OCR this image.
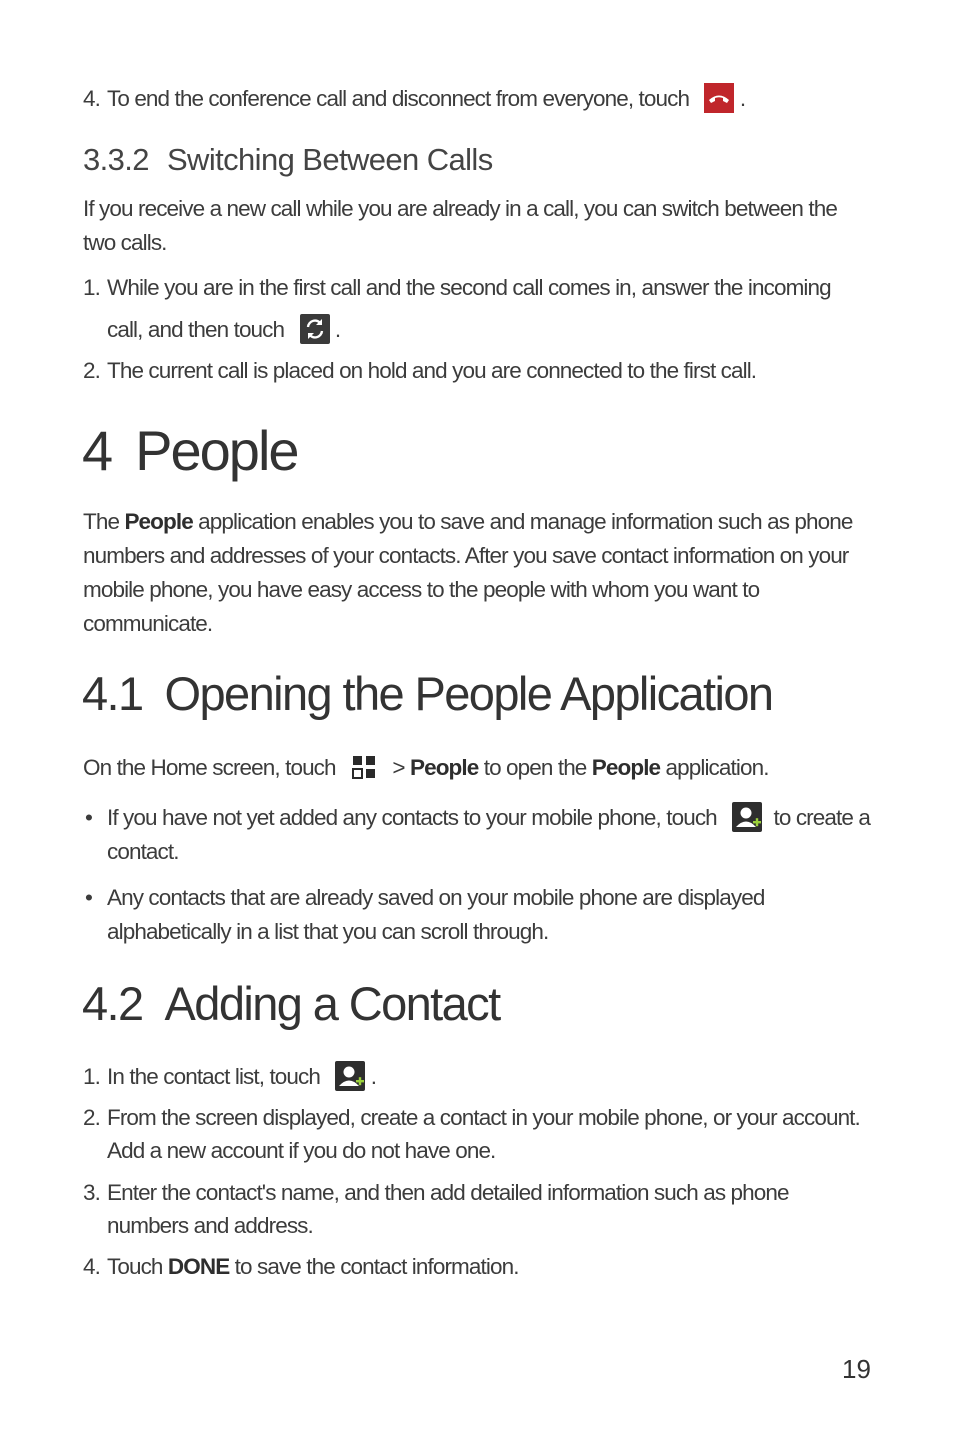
4. To end the conference call and disconnect from everyone, touch .
3.3.2 Switching Between Calls
If you receive a new call while you are already in a call, you can switch between the two calls.
1. While you are in the first call and the second call comes in, answer the incoming
call, and then touch .
2. The current call is placed on hold and you are connected to the first call.
4 People
The People application enables you to save and manage information such as phone
numbers and addresses of your contacts. After you save contact information on your
mobile phone, you have easy access to the people with whom you want to
communicate.
4.1 Opening the People Application
On the Home screen, touch	> People to open the People application.
• If you have not yet added any contacts to your mobile phone, touch	to create a
contact.
• Any contacts that are already saved on your mobile phone are displayed
alphabetically in a list that you can scroll through.
4.2 Adding a Contact
1. In the contact list, touch .
2. From the screen displayed, create a contact in your mobile phone, or your account.
Add a new account if you do not have one.
3. Enter the contact's name, and then add detailed information such as phone
numbers and address.
4. Touch DONE to save the contact information.
19
